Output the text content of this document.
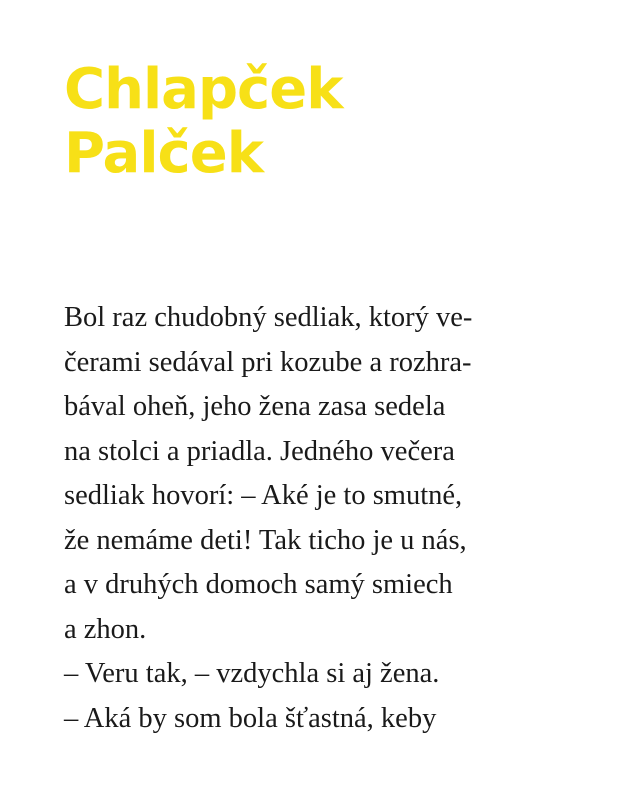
Chlapček
Palček

Bol raz chudobný sedliak, ktorý ve-
čerami sedával pri kozube a rozhra-
bával oheň, jeho žena zasa sedela
na stolci a priadla. Jedného večera
sedliak hovorí: – Aké je to smutné,
že nemáme deti! Tak ticho je u nás,
a v druhých domoch samý smiech
a zhon.
– Veru tak, – vzdychla si aj žena.
– Aká by som bola šťastná, keby
